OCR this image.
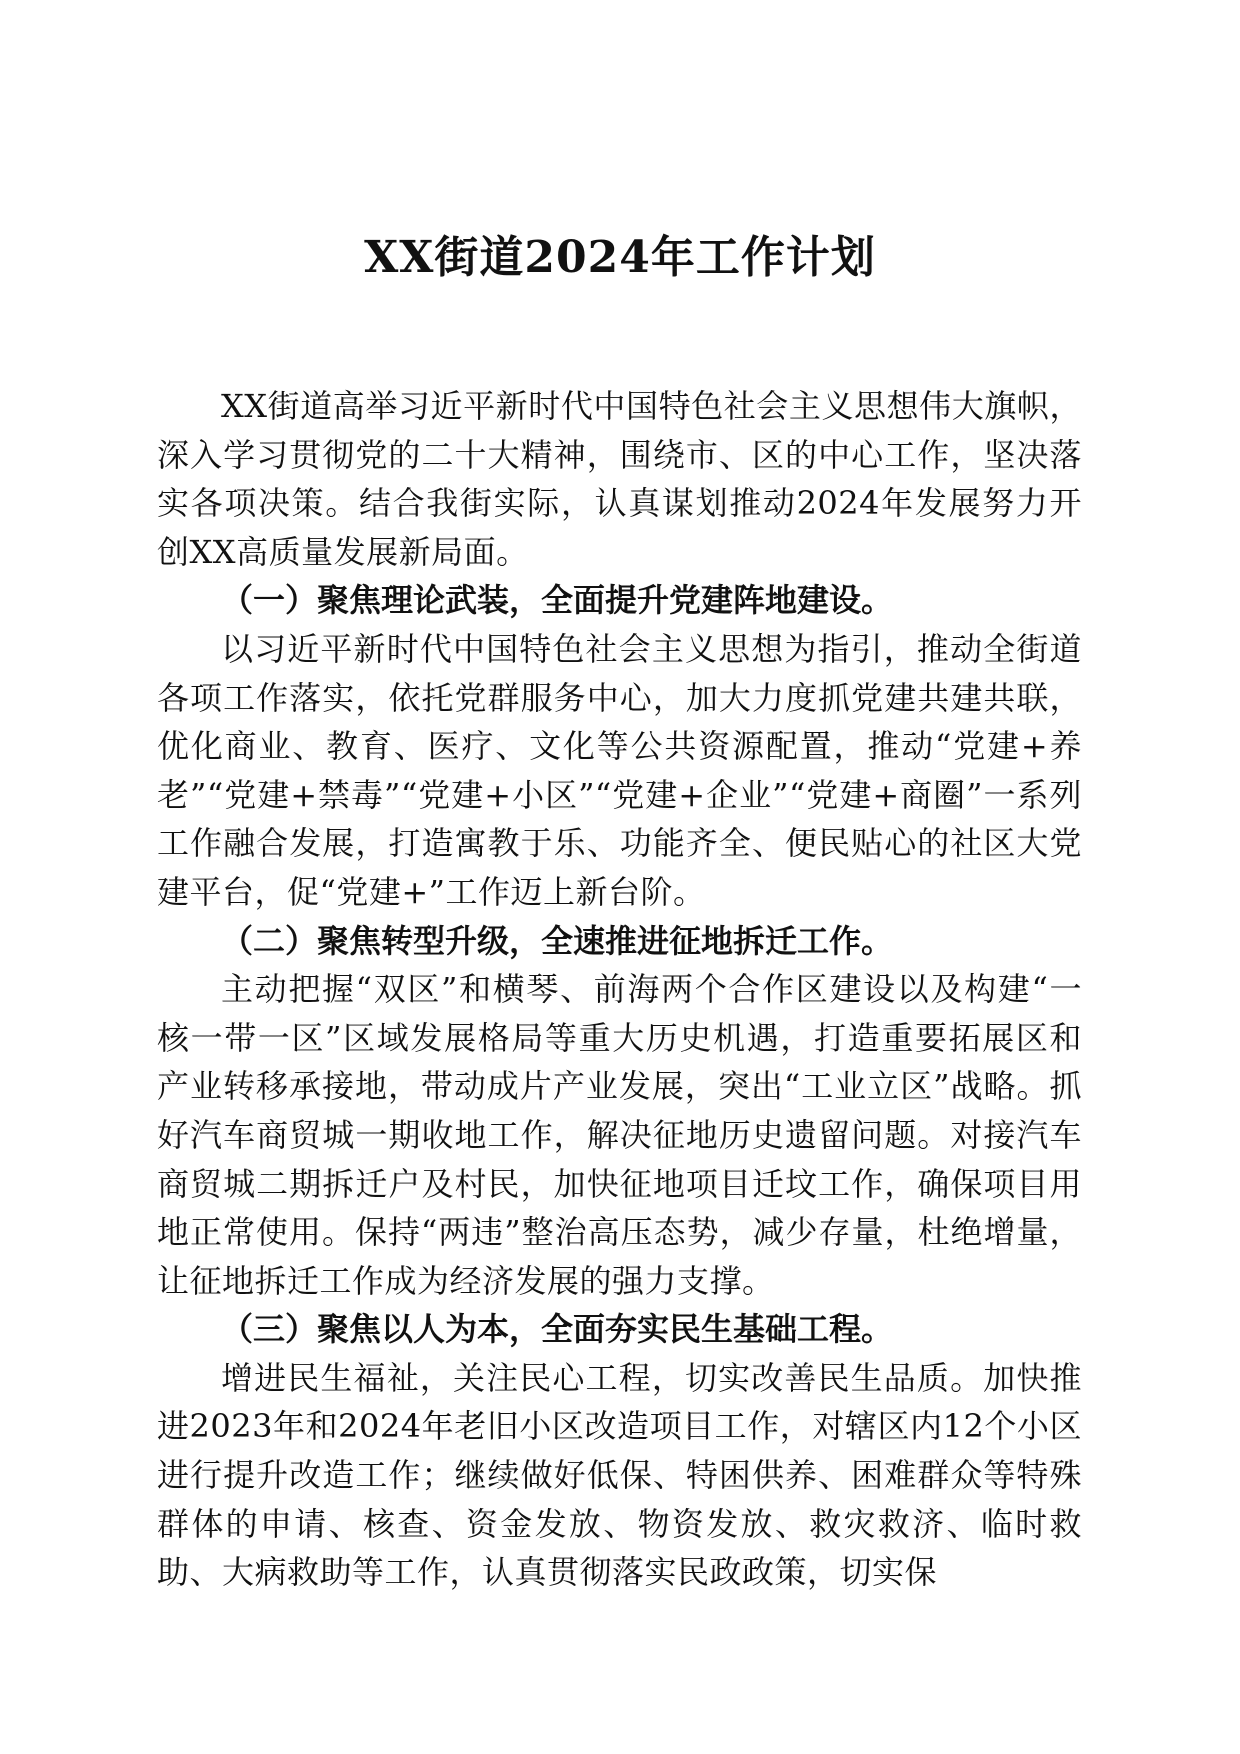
XX街道2024年工作计划

XX街道高举习近平新时代中国特色社会主义思想伟大旗帜，深入学习贯彻党的二十大精神，围绕市、区的中心工作，坚决落实各项决策。结合我街实际，认真谋划推动2024年发展努力开创XX高质量发展新局面。

（一）聚焦理论武装，全面提升党建阵地建设。

以习近平新时代中国特色社会主义思想为指引，推动全街道各项工作落实，依托党群服务中心，加大力度抓党建共建共联，优化商业、教育、医疗、文化等公共资源配置，推动“党建+养老”“党建+禁毒”“党建+小区”“党建+企业”“党建+商圈”一系列工作融合发展，打造寓教于乐、功能齐全、便民贴心的社区大党建平台，促“党建+”工作迈上新台阶。

（二）聚焦转型升级，全速推进征地拆迁工作。

主动把握“双区”和横琴、前海两个合作区建设以及构建“一核一带一区”区域发展格局等重大历史机遇，打造重要拓展区和产业转移承接地，带动成片产业发展，突出“工业立区”战略。抓好汽车商贸城一期收地工作，解决征地历史遗留问题。对接汽车商贸城二期拆迁户及村民，加快征地项目迁坟工作，确保项目用地正常使用。保持“两违”整治高压态势，减少存量，杜绝增量，让征地拆迁工作成为经济发展的强力支撑。

（三）聚焦以人为本，全面夯实民生基础工程。

增进民生福祉，关注民心工程，切实改善民生品质。加快推进2023年和2024年老旧小区改造项目工作，对辖区内12个小区进行提升改造工作；继续做好低保、特困供养、困难群众等特殊群体的申请、核查、资金发放、物资发放、救灾救济、临时救助、大病救助等工作，认真贯彻落实民政政策，切实保
